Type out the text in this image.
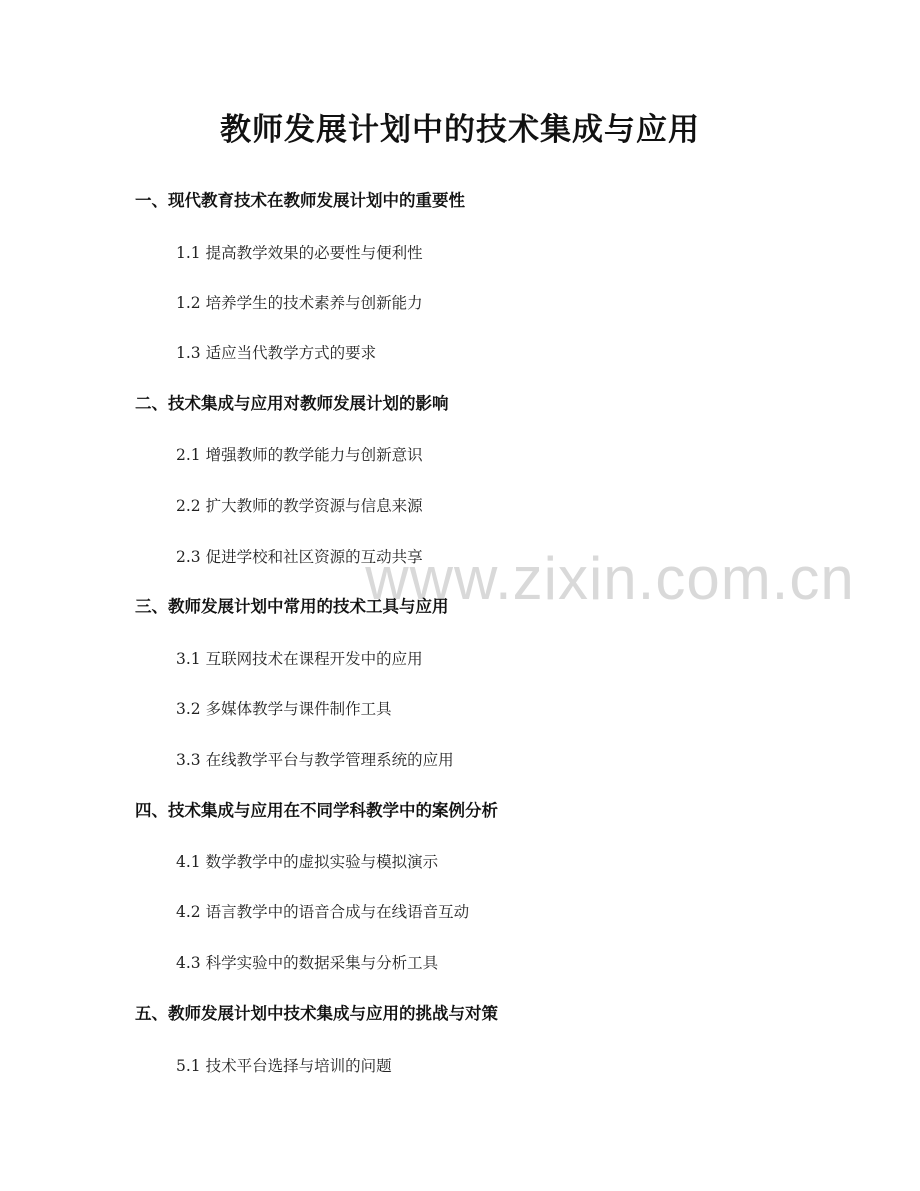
www.zixin.com.cn
教师发展计划中的技术集成与应用
一、现代教育技术在教师发展计划中的重要性
1.1 提高教学效果的必要性与便利性
1.2 培养学生的技术素养与创新能力
1.3 适应当代教学方式的要求
二、技术集成与应用对教师发展计划的影响
2.1 增强教师的教学能力与创新意识
2.2 扩大教师的教学资源与信息来源
2.3 促进学校和社区资源的互动共享
三、教师发展计划中常用的技术工具与应用
3.1 互联网技术在课程开发中的应用
3.2 多媒体教学与课件制作工具
3.3 在线教学平台与教学管理系统的应用
四、技术集成与应用在不同学科教学中的案例分析
4.1 数学教学中的虚拟实验与模拟演示
4.2 语言教学中的语音合成与在线语音互动
4.3 科学实验中的数据采集与分析工具
五、教师发展计划中技术集成与应用的挑战与对策
5.1 技术平台选择与培训的问题
